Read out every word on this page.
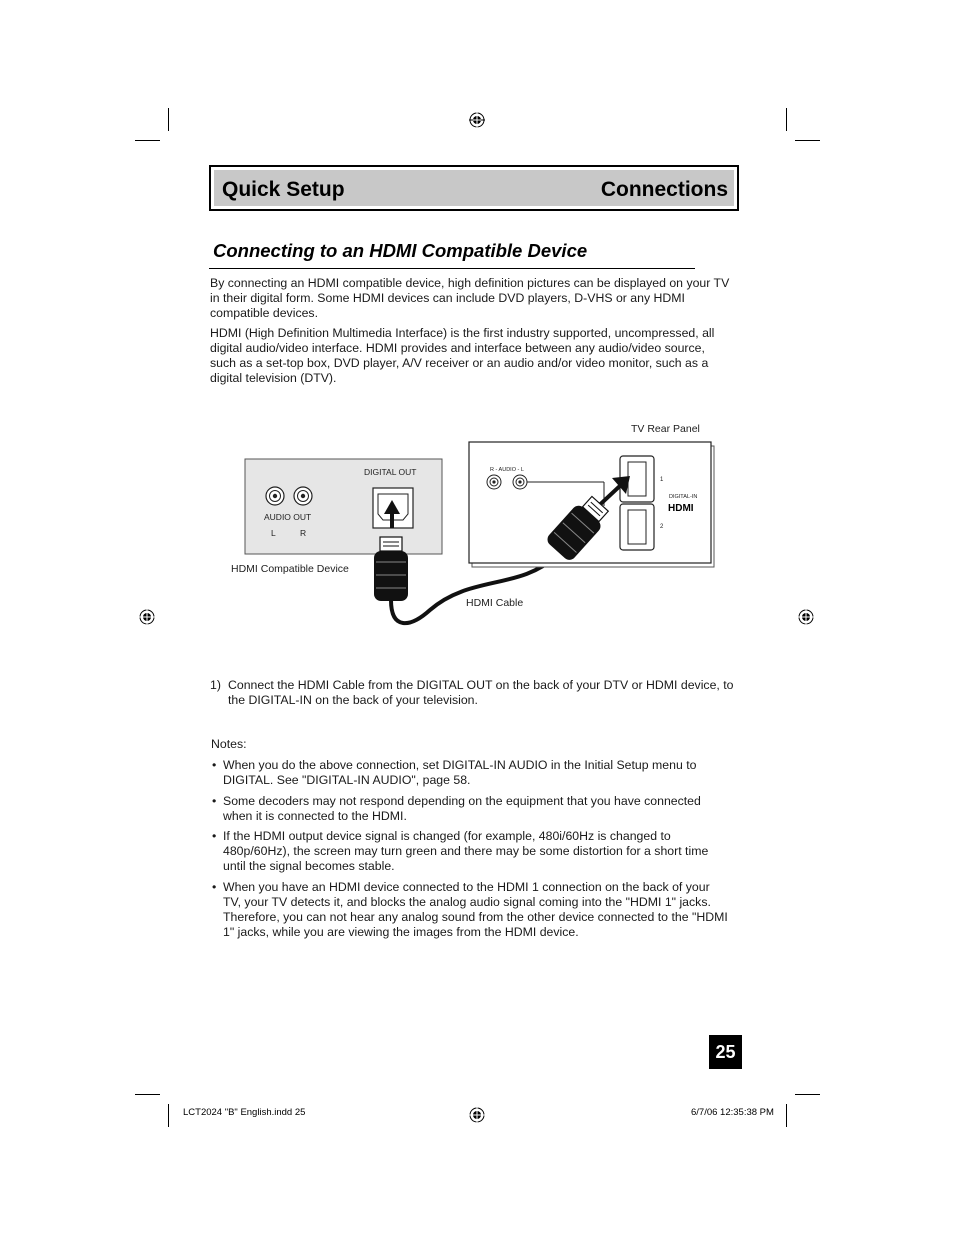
Quick Setup	Connections
Connecting to an HDMI Compatible Device

By connecting an HDMI compatible device, high definition pictures can be displayed on your TV in their digital form. Some HDMI devices can include DVD players, D-VHS or any HDMI compatible devices.

HDMI (High Definition Multimedia Interface) is the first industry supported, uncompressed, all digital audio/video interface. HDMI provides and interface between any audio/video source, such as a set-top box, DVD player, A/V receiver or an audio and/or video monitor, such as a digital television (DTV).

DIGITAL OUT
AUDIO OUT
L	R
HDMI Compatible Device
HDMI Cable
TV Rear Panel
R - AUDIO - L
1
2
DIGITAL-IN
HDMI
1) Connect the HDMI Cable from the DIGITAL OUT on the back of your DTV or HDMI device, to the DIGITAL-IN on the back of your television.
Notes:
• When you do the above connection, set DIGITAL-IN AUDIO in the Initial Setup menu to DIGITAL. See "DIGITAL-IN AUDIO", page 58.
• Some decoders may not respond depending on the equipment that you have connected when it is connected to the HDMI.
• If the HDMI output device signal is changed (for example, 480i/60Hz is changed to 480p/60Hz), the screen may turn green and there may be some distortion for a short time until the signal becomes stable.
• When you have an HDMI device connected to the HDMI 1 connection on the back of your TV, your TV detects it, and blocks the analog audio signal coming into the "HDMI 1" jacks. Therefore, you can not hear any analog sound from the other device connected to the "HDMI 1" jacks, while you are viewing the images from the HDMI device.
25
LCT2024 "B" English.indd 25	6/7/06 12:35:38 PM
